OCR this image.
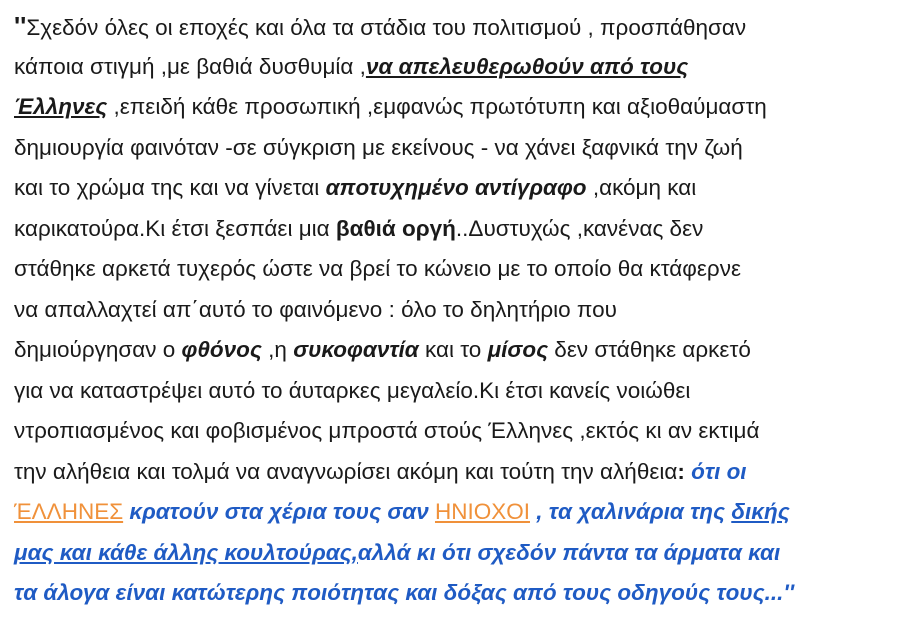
''Σχεδόν όλες οι εποχές και όλα τα στάδια του πολιτισμού , προσπάθησαν
κάποια στιγμή ,με βαθιά δυσθυμία ,να απελευθερωθούν από τους
Έλληνες ,επειδή κάθε προσωπική ,εμφανώς πρωτότυπη και αξιοθαύμαστη
δημιουργία φαινόταν -σε σύγκριση με εκείνους - να χάνει ξαφνικά την ζωή
και το χρώμα της και να γίνεται αποτυχημένο αντίγραφο ,ακόμη και
καρικατούρα.Κι έτσι ξεσπάει μια βαθιά οργή..Δυστυχώς ,κανένας δεν
στάθηκε αρκετά τυχερός ώστε να βρεί το κώνειο με το οποίο θα κτάφερνε
να απαλλαχτεί απ΄αυτό το φαινόμενο : όλο το δηλητήριο που
δημιούργησαν ο φθόνος ,η συκοφαντία και το μίσος δεν στάθηκε αρκετό
για να καταστρέψει αυτό το άυταρκες μεγαλείο.Κι έτσι κανείς νοιώθει
ντροπιασμένος και φοβισμένος μπροστά στούς Έλληνες ,εκτός κι αν εκτιμά
την αλήθεια και τολμά να αναγνωρίσει ακόμη και τούτη την αλήθεια: ότι οι
ΈΛΛΗΝΕΣ κρατούν στα χέρια τους σαν ΗΝΙΟΧΟΙ , τα χαλινάρια της δικής
μας και κάθε άλλης κουλτούρας,αλλά κι ότι σχεδόν πάντα τα άρματα και
τα άλογα είναι κατώτερης ποιότητας και δόξας από τους οδηγούς τους...''
